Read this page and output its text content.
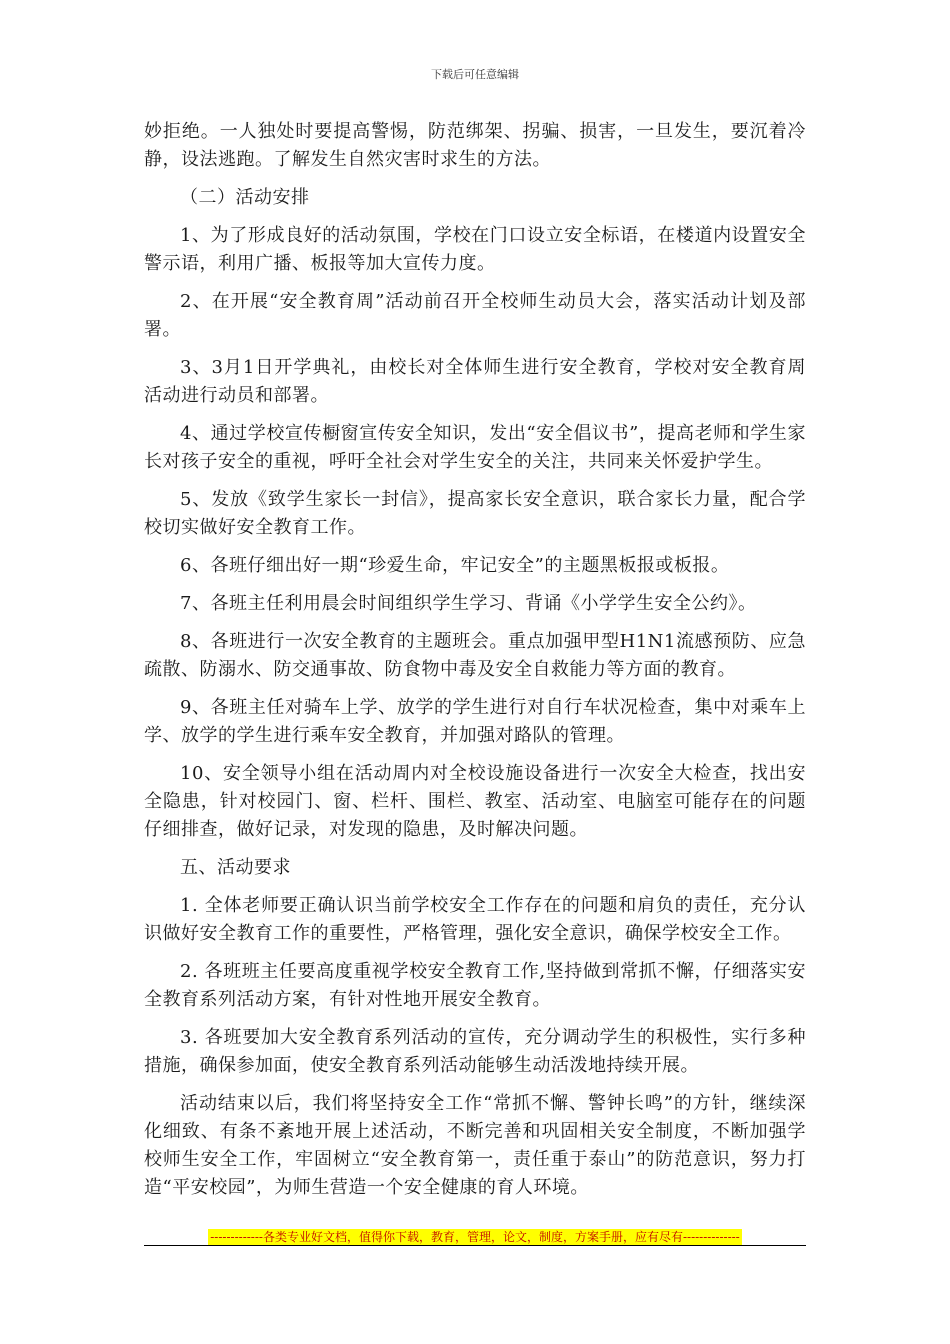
下载后可任意编辑

妙拒绝。一人独处时要提高警惕，防范绑架、拐骗、损害，一旦发生，要沉着冷静，设法逃跑。了解发生自然灾害时求生的方法。

（二）活动安排

1、为了形成良好的活动氛围，学校在门口设立安全标语，在楼道内设置安全警示语，利用广播、板报等加大宣传力度。

2、在开展“安全教育周”活动前召开全校师生动员大会，落实活动计划及部署。

3、3月1日开学典礼，由校长对全体师生进行安全教育，学校对安全教育周活动进行动员和部署。

4、通过学校宣传橱窗宣传安全知识，发出“安全倡议书”，提高老师和学生家长对孩子安全的重视，呼吁全社会对学生安全的关注，共同来关怀爱护学生。

5、发放《致学生家长一封信》，提高家长安全意识，联合家长力量，配合学校切实做好安全教育工作。

6、各班仔细出好一期“珍爱生命，牢记安全”的主题黑板报或板报。

7、各班主任利用晨会时间组织学生学习、背诵《小学学生安全公约》。

8、各班进行一次安全教育的主题班会。重点加强甲型H1N1流感预防、应急疏散、防溺水、防交通事故、防食物中毒及安全自救能力等方面的教育。

9、各班主任对骑车上学、放学的学生进行对自行车状况检查，集中对乘车上学、放学的学生进行乘车安全教育，并加强对路队的管理。

10、安全领导小组在活动周内对全校设施设备进行一次安全大检查，找出安全隐患，针对校园门、窗、栏杆、围栏、教室、活动室、电脑室可能存在的问题仔细排查，做好记录，对发现的隐患，及时解决问题。

五、活动要求

1. 全体老师要正确认识当前学校安全工作存在的问题和肩负的责任，充分认识做好安全教育工作的重要性，严格管理，强化安全意识，确保学校安全工作。

2. 各班班主任要高度重视学校安全教育工作,坚持做到常抓不懈，仔细落实安全教育系列活动方案，有针对性地开展安全教育。

3. 各班要加大安全教育系列活动的宣传，充分调动学生的积极性，实行多种措施，确保参加面，使安全教育系列活动能够生动活泼地持续开展。

活动结束以后，我们将坚持安全工作“常抓不懈、警钟长鸣”的方针，继续深化细致、有条不紊地开展上述活动，不断完善和巩固相关安全制度，不断加强学校师生安全工作，牢固树立“安全教育第一，责任重于泰山”的防范意识，努力打造“平安校园”，为师生营造一个安全健康的育人环境。

-------------各类专业好文档，值得你下载，教育，管理，论文，制度，方案手册，应有尽有--------------
